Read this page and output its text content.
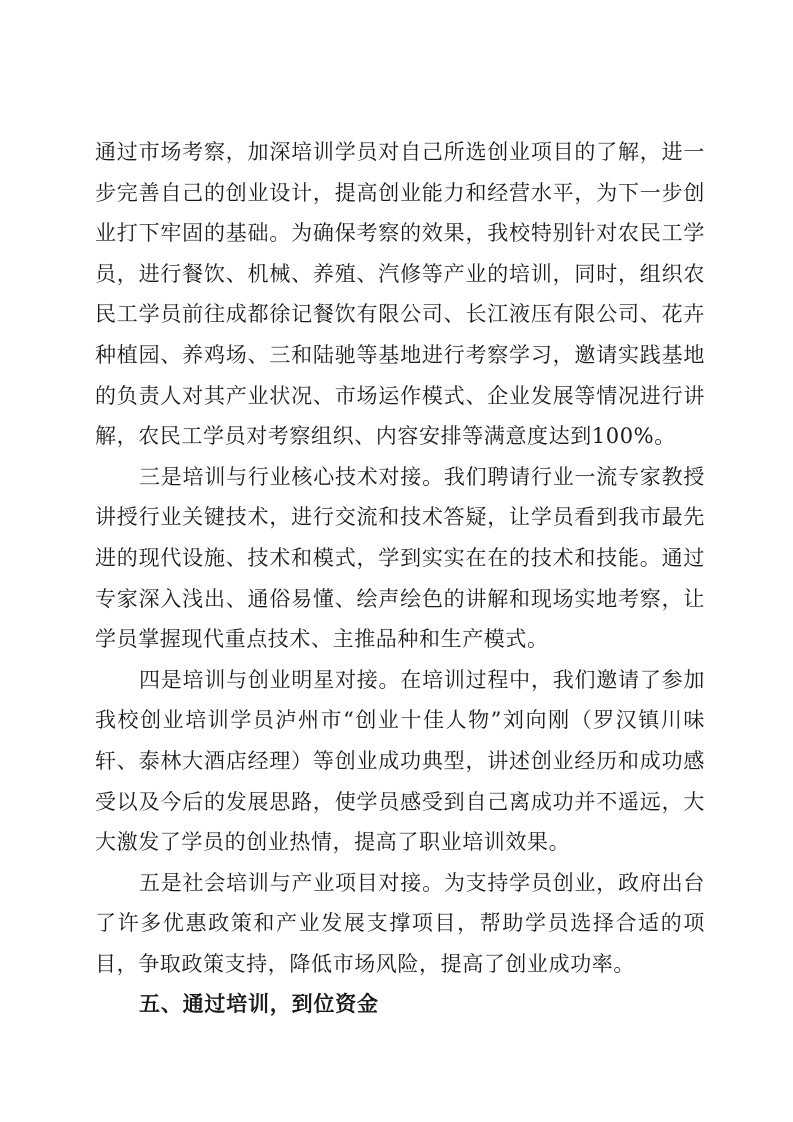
通过市场考察，加深培训学员对自己所选创业项目的了解，进一步完善自己的创业设计，提高创业能力和经营水平，为下一步创业打下牢固的基础。为确保考察的效果，我校特别针对农民工学员，进行餐饮、机械、养殖、汽修等产业的培训，同时，组织农民工学员前往成都徐记餐饮有限公司、长江液压有限公司、花卉种植园、养鸡场、三和陆驰等基地进行考察学习，邀请实践基地的负责人对其产业状况、市场运作模式、企业发展等情况进行讲解，农民工学员对考察组织、内容安排等满意度达到100%。

三是培训与行业核心技术对接。我们聘请行业一流专家教授讲授行业关键技术，进行交流和技术答疑，让学员看到我市最先进的现代设施、技术和模式，学到实实在在的技术和技能。通过专家深入浅出、通俗易懂、绘声绘色的讲解和现场实地考察，让学员掌握现代重点技术、主推品种和生产模式。

四是培训与创业明星对接。在培训过程中，我们邀请了参加我校创业培训学员泸州市“创业十佳人物”刘向刚（罗汉镇川味轩、泰林大酒店经理）等创业成功典型，讲述创业经历和成功感受以及今后的发展思路，使学员感受到自己离成功并不遥远，大大激发了学员的创业热情，提高了职业培训效果。

五是社会培训与产业项目对接。为支持学员创业，政府出台了许多优惠政策和产业发展支撑项目，帮助学员选择合适的项目，争取政策支持，降低市场风险，提高了创业成功率。

五、通过培训，到位资金
